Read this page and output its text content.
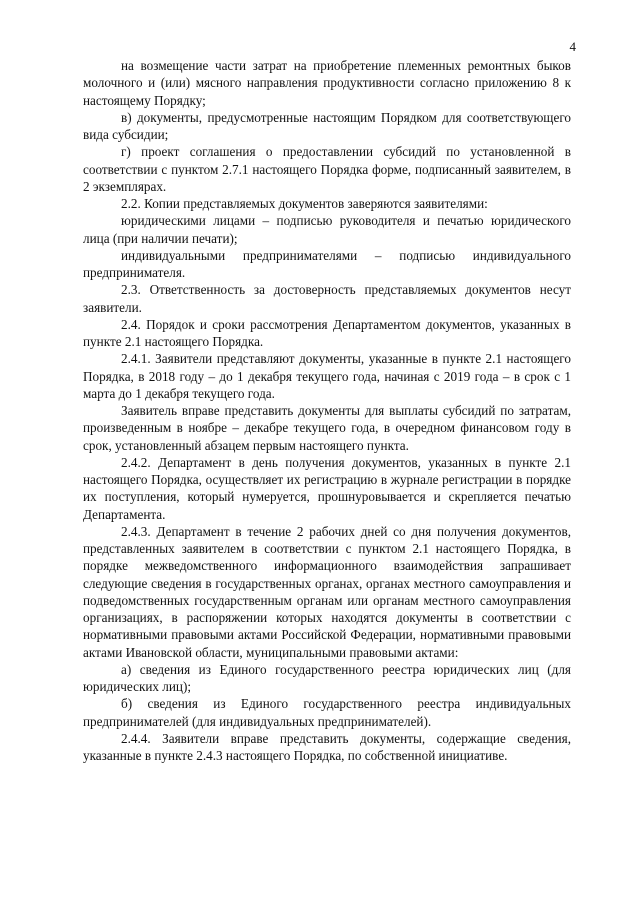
4

на возмещение части затрат на приобретение племенных ремонтных быков молочного и (или) мясного направления продуктивности согласно приложению 8 к настоящему Порядку;

в) документы, предусмотренные настоящим Порядком для соответствующего вида субсидии;

г) проект соглашения о предоставлении субсидий по установленной в соответствии с пунктом 2.7.1 настоящего Порядка форме, подписанный заявителем, в 2 экземплярах.

2.2. Копии представляемых документов заверяются заявителями:

юридическими лицами – подписью руководителя и печатью юридического лица (при наличии печати);

индивидуальными предпринимателями – подписью индивидуального предпринимателя.

2.3. Ответственность за достоверность представляемых документов несут заявители.

2.4. Порядок и сроки рассмотрения Департаментом документов, указанных в пункте 2.1 настоящего Порядка.

2.4.1. Заявители представляют документы, указанные в пункте 2.1 настоящего Порядка, в 2018 году – до 1 декабря текущего года, начиная с 2019 года – в срок с 1 марта до 1 декабря текущего года.

Заявитель вправе представить документы для выплаты субсидий по затратам, произведенным в ноябре – декабре текущего года, в очередном финансовом году в срок, установленный абзацем первым настоящего пункта.

2.4.2. Департамент в день получения документов, указанных в пункте 2.1 настоящего Порядка, осуществляет их регистрацию в журнале регистрации в порядке их поступления, который нумеруется, прошнуровывается и скрепляется печатью Департамента.

2.4.3. Департамент в течение 2 рабочих дней со дня получения документов, представленных заявителем в соответствии с пунктом 2.1 настоящего Порядка, в порядке межведомственного информационного взаимодействия запрашивает следующие сведения в государственных органах, органах местного самоуправления и подведомственных государственным органам или органам местного самоуправления организациях, в распоряжении которых находятся документы в соответствии с нормативными правовыми актами Российской Федерации, нормативными правовыми актами Ивановской области, муниципальными правовыми актами:

а) сведения из Единого государственного реестра юридических лиц (для юридических лиц);

б) сведения из Единого государственного реестра индивидуальных предпринимателей (для индивидуальных предпринимателей).

2.4.4. Заявители вправе представить документы, содержащие сведения, указанные в пункте 2.4.3 настоящего Порядка, по собственной инициативе.
